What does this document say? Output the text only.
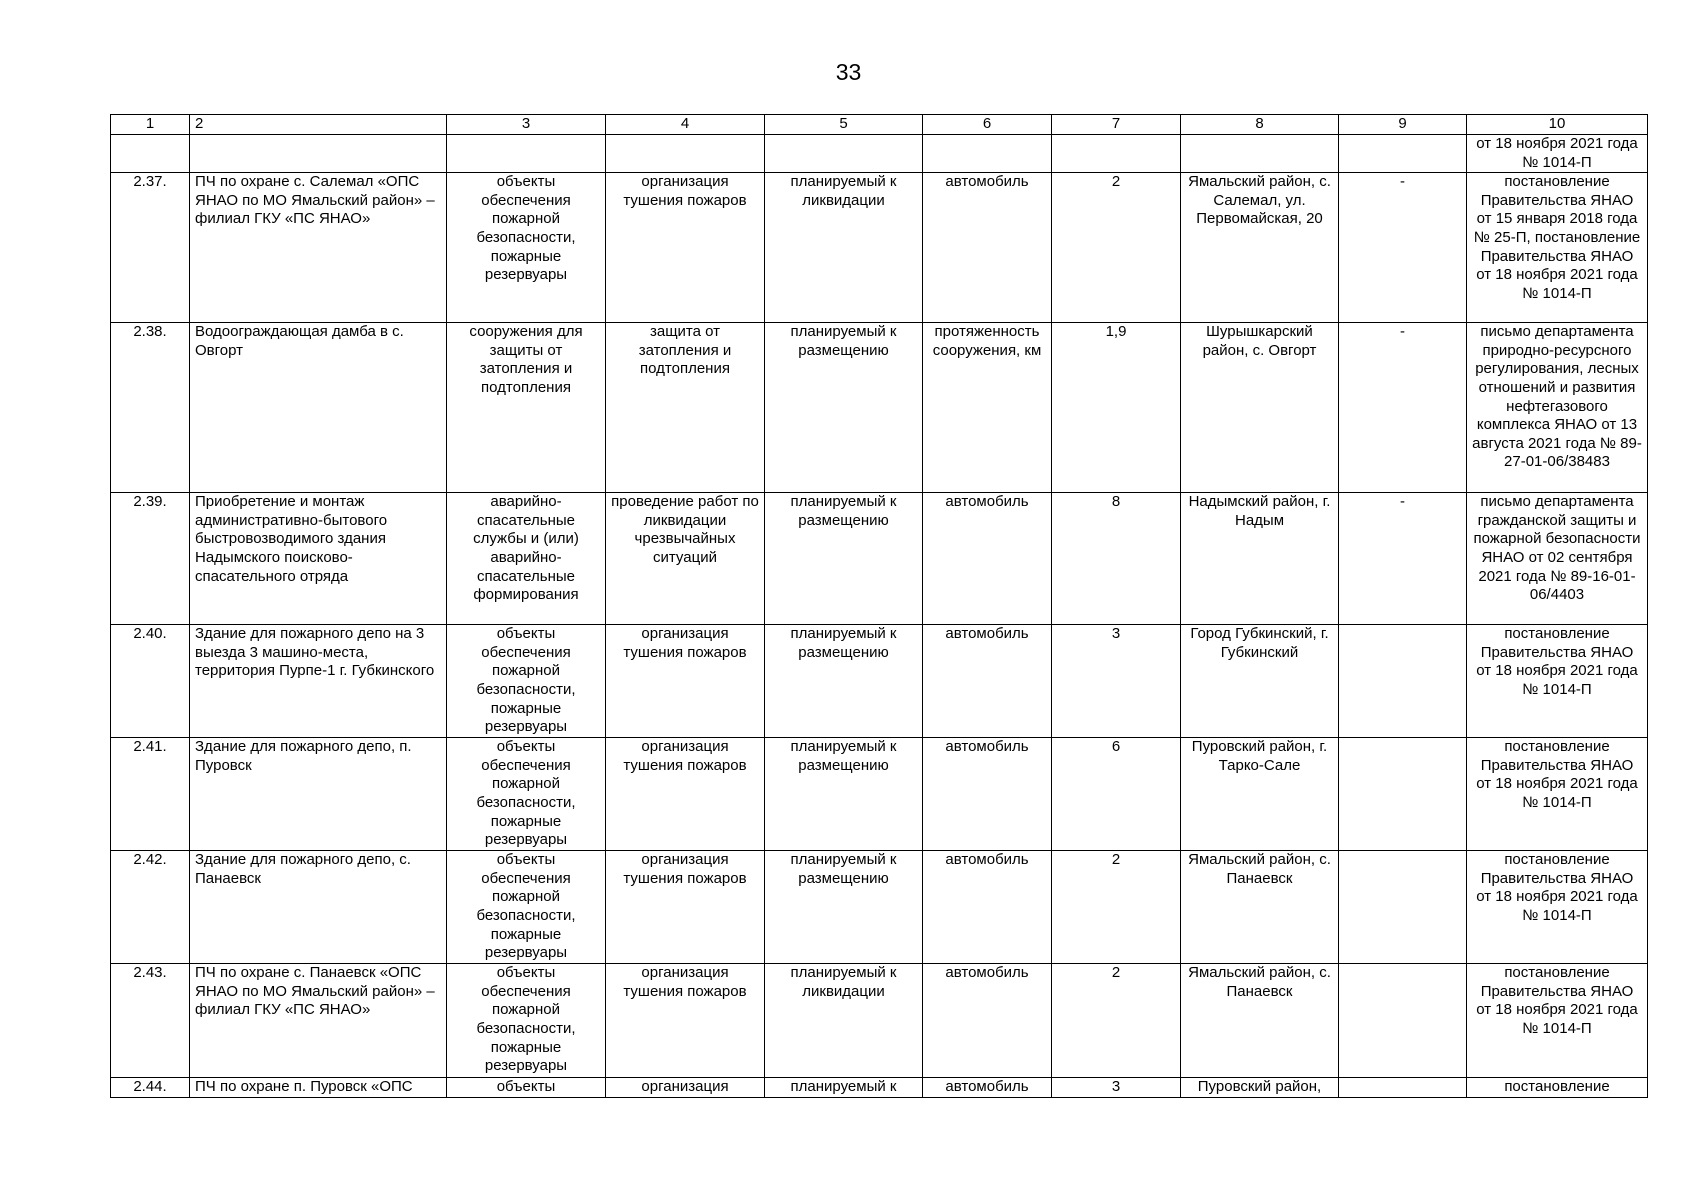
33
1	2	3	4	5	6	7	8	9	10
									от 18 ноября 2021 года № 1014-П
2.37.	ПЧ по охране с. Салемал «ОПС ЯНАО по МО Ямальский район» – филиал ГКУ «ПС ЯНАО»	объекты обеспечения пожарной безопасности, пожарные резервуары	организация тушения пожаров	планируемый к ликвидации	автомобиль	2	Ямальский район, с. Салемал, ул. Первомайская, 20	-	постановление Правительства ЯНАО от 15 января 2018 года № 25-П, постановление Правительства ЯНАО от 18 ноября 2021 года № 1014-П
2.38.	Водоограждающая дамба в с. Овгорт	сооружения для защиты от затопления и подтопления	защита от затопления и подтопления	планируемый к размещению	протяженность сооружения, км	1,9	Шурышкарский район, с. Овгорт	-	письмо департамента природно-ресурсного регулирования, лесных отношений и развития нефтегазового комплекса ЯНАО от 13 августа 2021 года № 89-27-01-06/38483
2.39.	Приобретение и монтаж административно-бытового быстровозводимого здания Надымского поисково-спасательного отряда	аварийно-спасательные службы и (или) аварийно-спасательные формирования	проведение работ по ликвидации чрезвычайных ситуаций	планируемый к размещению	автомобиль	8	Надымский район, г. Надым	-	письмо департамента гражданской защиты и пожарной безопасности ЯНАО от 02 сентября 2021 года № 89-16-01-06/4403
2.40.	Здание для пожарного депо на 3 выезда 3 машино-места, территория Пурпе-1 г. Губкинского	объекты обеспечения пожарной безопасности, пожарные резервуары	организация тушения пожаров	планируемый к размещению	автомобиль	3	Город Губкинский, г. Губкинский		постановление Правительства ЯНАО от 18 ноября 2021 года № 1014-П
2.41.	Здание для пожарного депо, п. Пуровск	объекты обеспечения пожарной безопасности, пожарные резервуары	организация тушения пожаров	планируемый к размещению	автомобиль	6	Пуровский район, г. Тарко-Сале		постановление Правительства ЯНАО от 18 ноября 2021 года № 1014-П
2.42.	Здание для пожарного депо, с. Панаевск	объекты обеспечения пожарной безопасности, пожарные резервуары	организация тушения пожаров	планируемый к размещению	автомобиль	2	Ямальский район, с. Панаевск		постановление Правительства ЯНАО от 18 ноября 2021 года № 1014-П
2.43.	ПЧ по охране с. Панаевск «ОПС ЯНАО по МО Ямальский район» – филиал ГКУ «ПС ЯНАО»	объекты обеспечения пожарной безопасности, пожарные резервуары	организация тушения пожаров	планируемый к ликвидации	автомобиль	2	Ямальский район, с. Панаевск		постановление Правительства ЯНАО от 18 ноября 2021 года № 1014-П
2.44.	ПЧ по охране п. Пуровск «ОПС	объекты	организация	планируемый к	автомобиль	3	Пуровский район,		постановление
